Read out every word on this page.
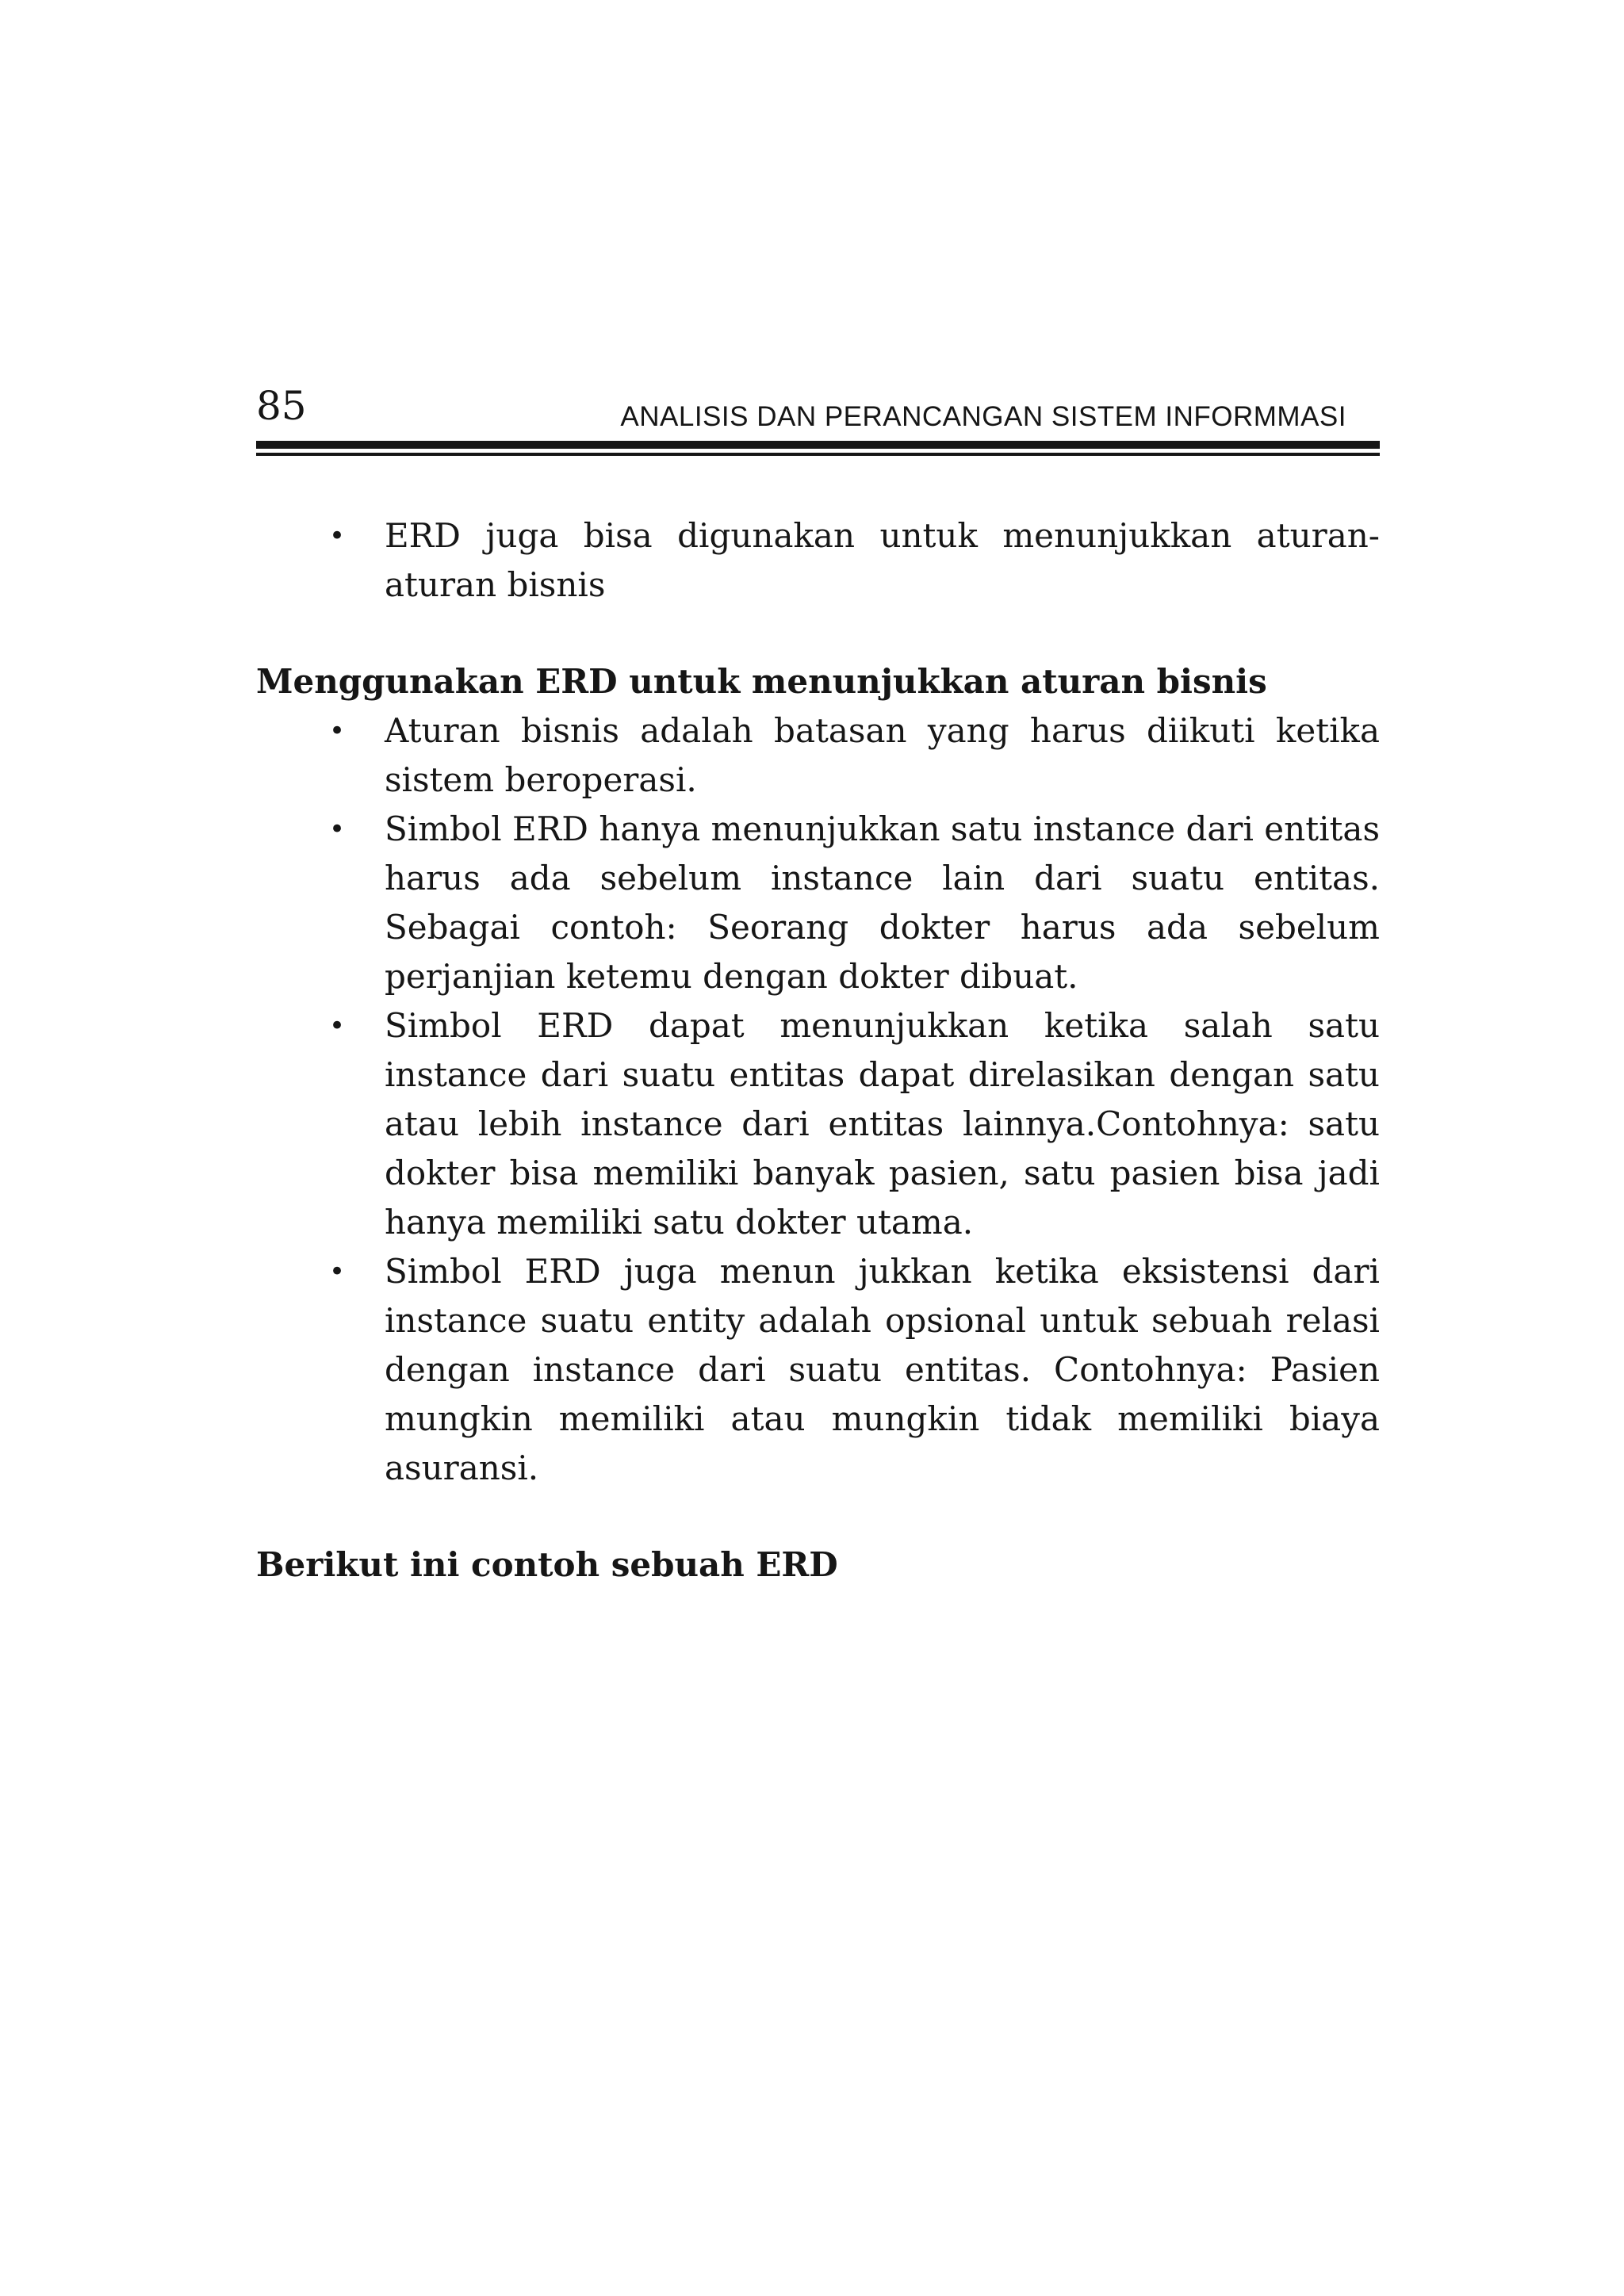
85	ANALISIS DAN PERANCANGAN SISTEM INFORMMASI
• ERD juga bisa digunakan untuk menunjukkan aturan-aturan bisnis
Menggunakan ERD untuk menunjukkan aturan bisnis
• Aturan bisnis adalah batasan yang harus diikuti ketika sistem beroperasi.
• Simbol ERD hanya menunjukkan satu instance dari entitas harus ada sebelum instance lain dari suatu entitas. Sebagai contoh: Seorang dokter harus ada sebelum perjanjian ketemu dengan dokter dibuat.
• Simbol ERD dapat menunjukkan ketika salah satu instance dari suatu entitas dapat direlasikan dengan satu atau lebih instance dari entitas lainnya.Contohnya: satu dokter bisa memiliki banyak pasien, satu pasien bisa jadi hanya memiliki satu dokter utama.
• Simbol ERD juga menun jukkan ketika eksistensi dari instance suatu entity adalah opsional untuk sebuah relasi dengan instance dari suatu entitas. Contohnya: Pasien mungkin memiliki atau mungkin tidak memiliki biaya asuransi.
Berikut ini contoh sebuah ERD
